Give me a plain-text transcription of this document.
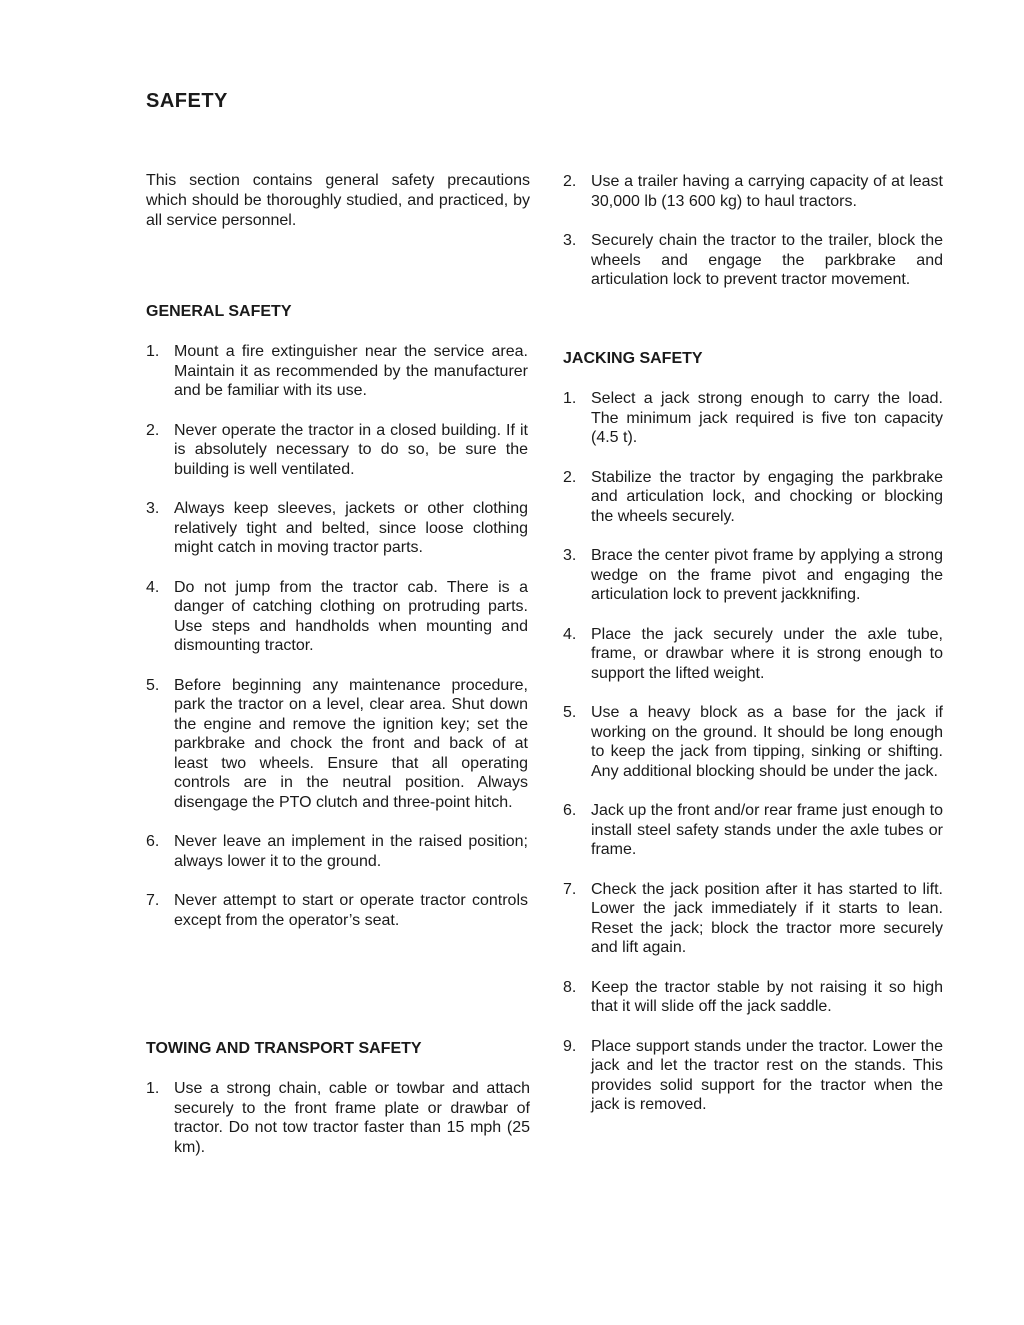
SAFETY

This section contains general safety precautions which should be thoroughly studied, and practiced, by all service personnel.

GENERAL SAFETY
1. Mount a fire extinguisher near the service area. Maintain it as recommended by the manufacturer and be familiar with its use.
2. Never operate the tractor in a closed building. If it is absolutely necessary to do so, be sure the building is well ventilated.
3. Always keep sleeves, jackets or other clothing relatively tight and belted, since loose clothing might catch in moving tractor parts.
4. Do not jump from the tractor cab. There is a danger of catching clothing on protruding parts. Use steps and handholds when mounting and dismounting tractor.
5. Before beginning any maintenance procedure, park the tractor on a level, clear area. Shut down the engine and remove the ignition key; set the parkbrake and chock the front and back of at least two wheels. Ensure that all operating controls are in the neutral position. Always disengage the PTO clutch and three-point hitch.
6. Never leave an implement in the raised position; always lower it to the ground.
7. Never attempt to start or operate tractor controls except from the operator’s seat.
TOWING AND TRANSPORT SAFETY
1. Use a strong chain, cable or towbar and attach securely to the front frame plate or drawbar of tractor. Do not tow tractor faster than 15 mph (25 km).
2. Use a trailer having a carrying capacity of at least 30,000 lb (13 600 kg) to haul tractors.
3. Securely chain the tractor to the trailer, block the wheels and engage the parkbrake and articulation lock to prevent tractor movement.
JACKING SAFETY
1. Select a jack strong enough to carry the load. The minimum jack required is five ton capacity (4.5 t).
2. Stabilize the tractor by engaging the parkbrake and articulation lock, and chocking or blocking the wheels securely.
3. Brace the center pivot frame by applying a strong wedge on the frame pivot and engaging the articulation lock to prevent jackknifing.
4. Place the jack securely under the axle tube, frame, or drawbar where it is strong enough to support the lifted weight.
5. Use a heavy block as a base for the jack if working on the ground. It should be long enough to keep the jack from tipping, sinking or shifting. Any additional blocking should be under the jack.
6. Jack up the front and/or rear frame just enough to install steel safety stands under the axle tubes or frame.
7. Check the jack position after it has started to lift. Lower the jack immediately if it starts to lean. Reset the jack; block the tractor more securely and lift again.
8. Keep the tractor stable by not raising it so high that it will slide off the jack saddle.
9. Place support stands under the tractor. Lower the jack and let the tractor rest on the stands. This provides solid support for the tractor when the jack is removed.
